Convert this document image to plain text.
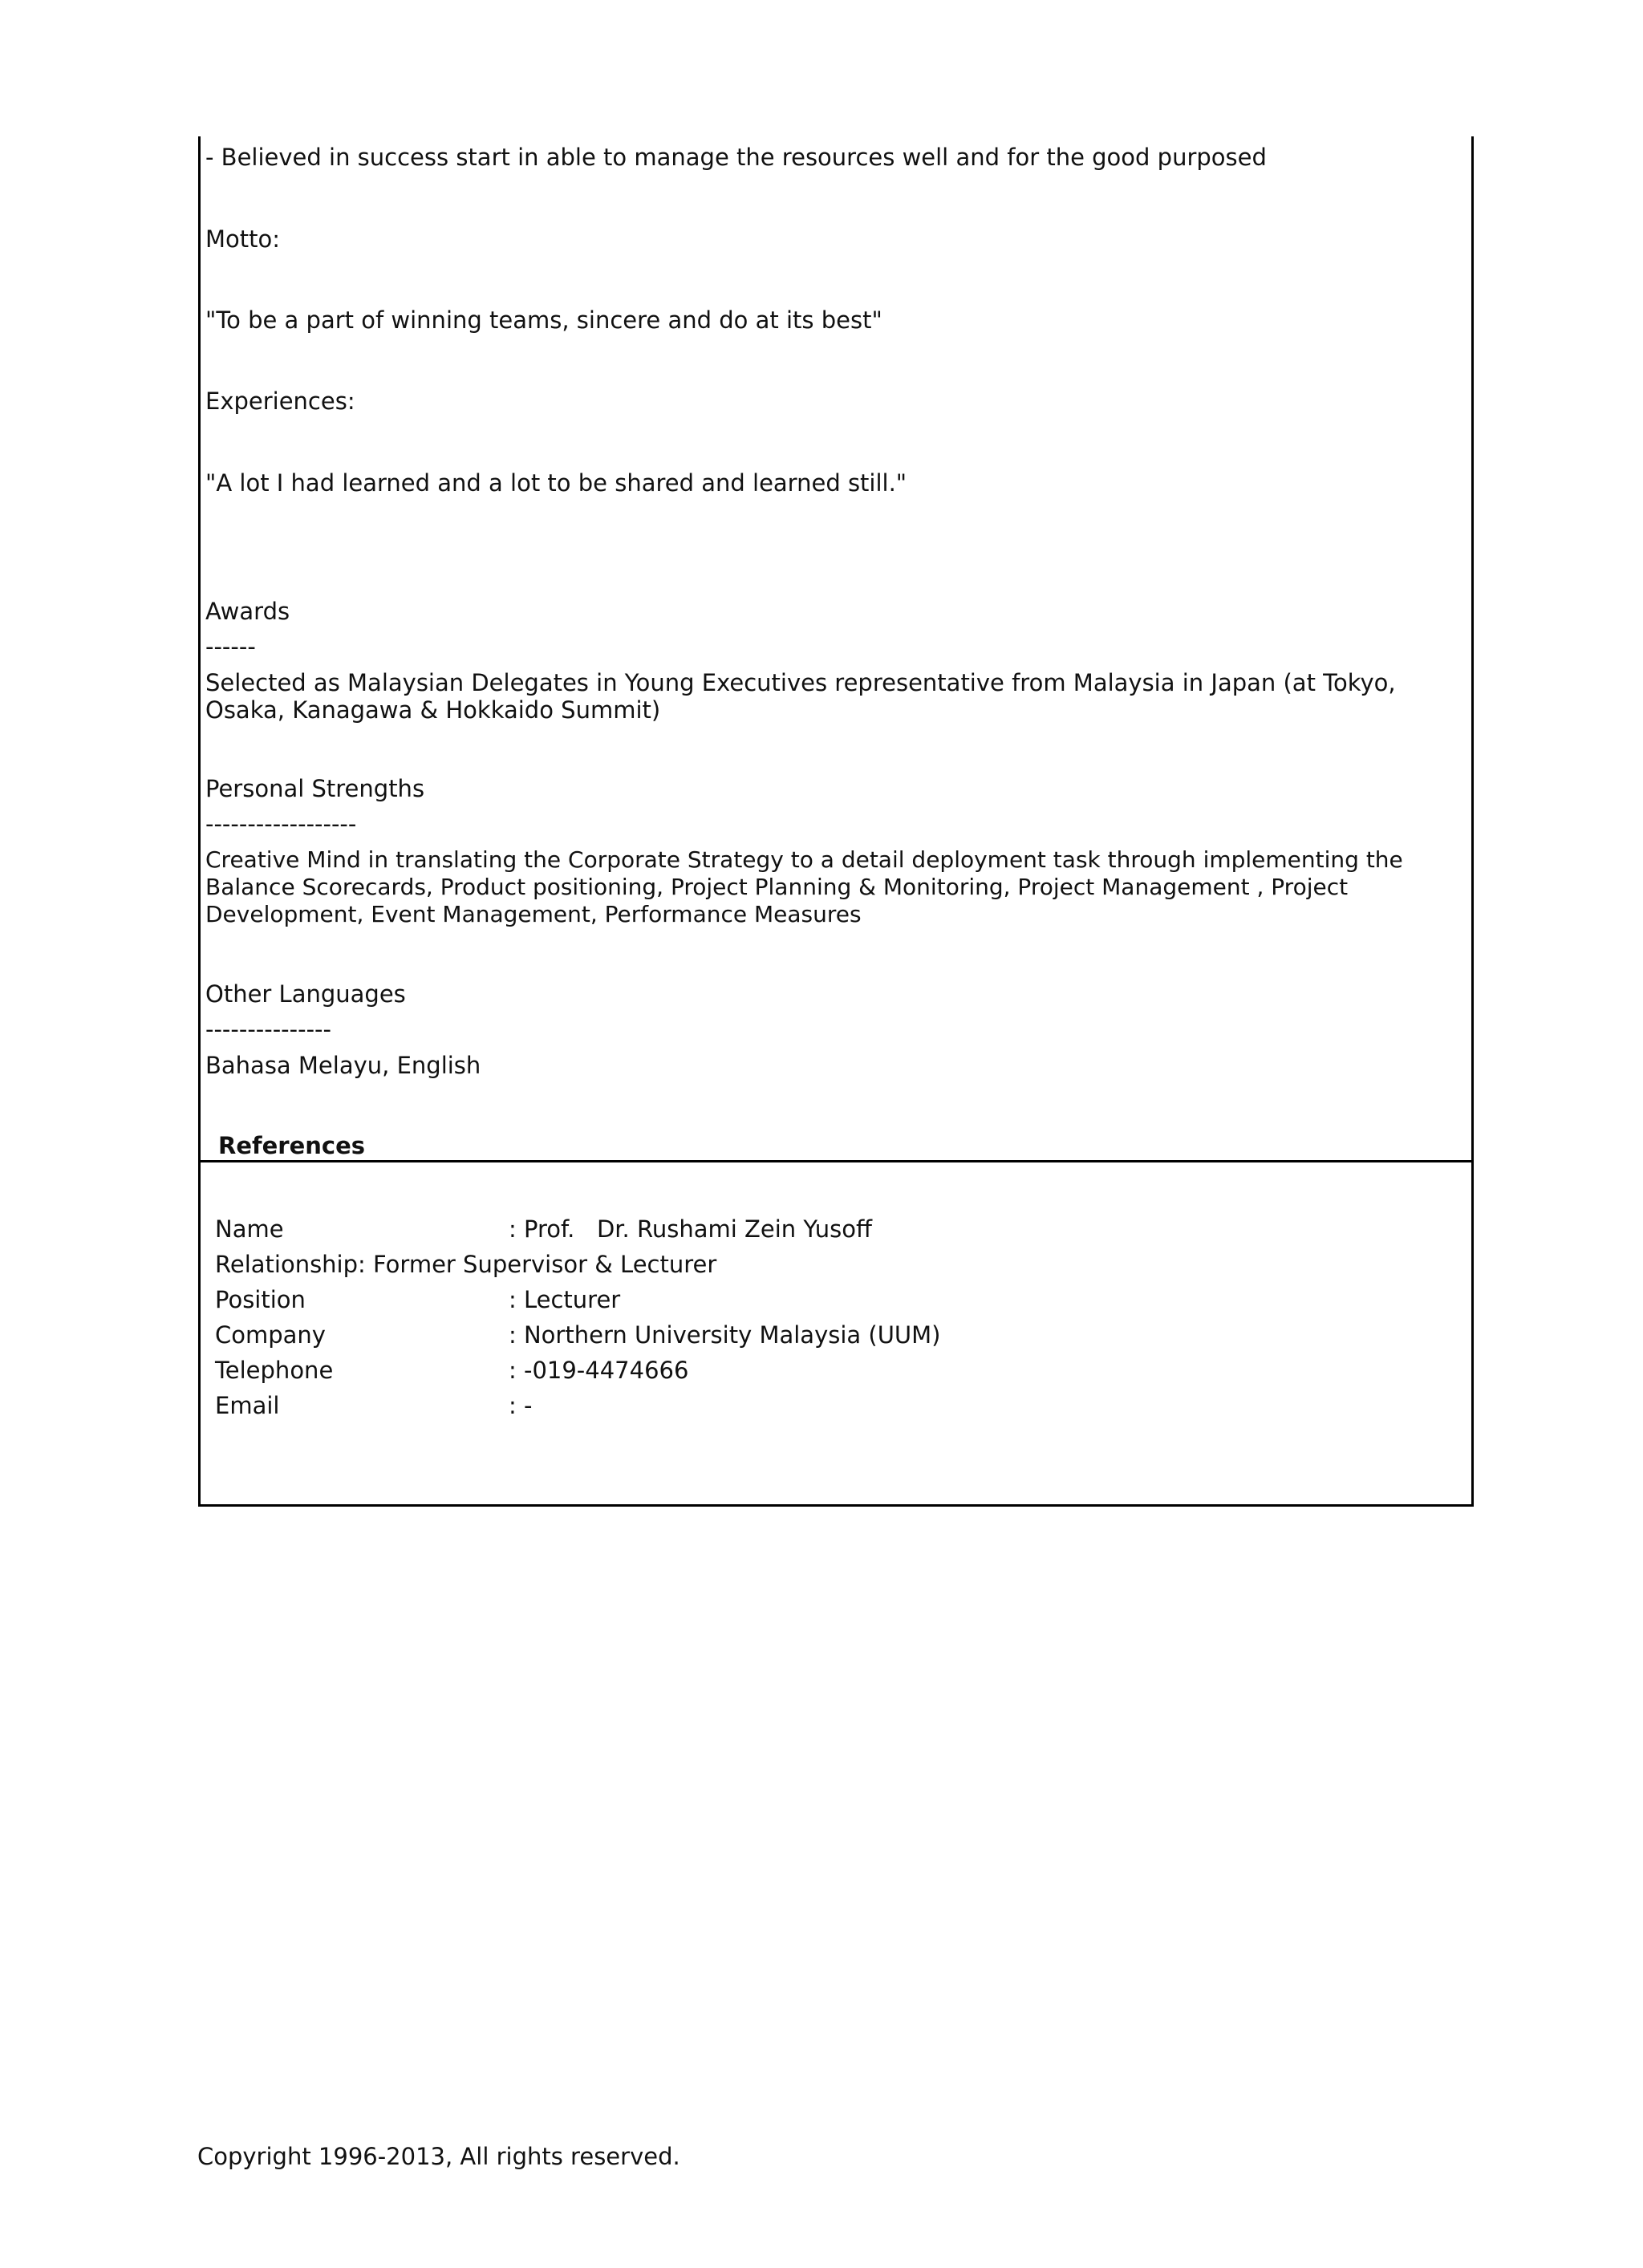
- Believed in success start in able to manage the resources well and for the good purposed
Motto:
"To be a part of winning teams, sincere and do at its best"
Experiences:
"A lot I had learned and a lot to be shared and learned still."
Awards
------
Selected as Malaysian Delegates in Young Executives representative from Malaysia in Japan (at Tokyo, Osaka, Kanagawa & Hokkaido Summit)
Personal Strengths
------------------
Creative Mind in translating the Corporate Strategy to a detail deployment task through implementing the Balance Scorecards, Product positioning, Project Planning & Monitoring, Project Management , Project Development, Event Management, Performance Measures
Other Languages
---------------
Bahasa Melayu, English
References
Name	: Prof.   Dr. Rushami Zein Yusoff
Relationship: Former Supervisor & Lecturer
Position	: Lecturer
Company	: Northern University Malaysia (UUM)
Telephone	: -019-4474666
Email	: -
Copyright 1996-2013, All rights reserved.
